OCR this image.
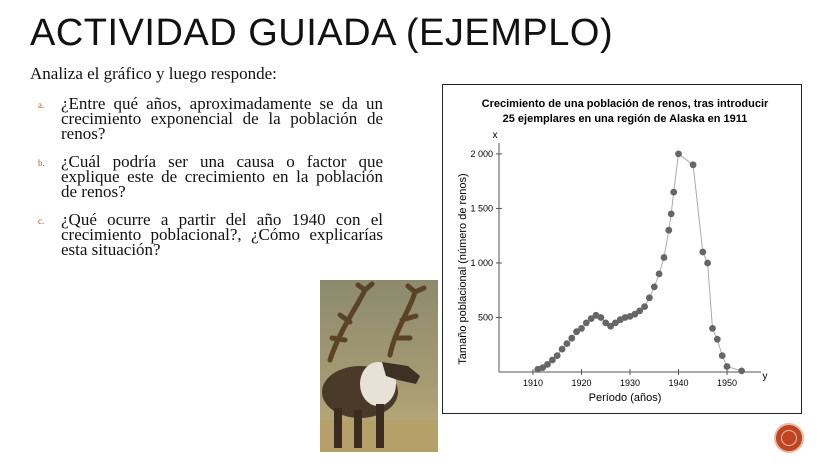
ACTIVIDAD GUIADA (EJEMPLO)
Analiza el gráfico y luego responde:
a. ¿Entre qué años, aproximadamente se da un crecimiento exponencial de la población de renos?
b. ¿Cuál podría ser una causa o factor que explique este de crecimiento en la población de renos?
c. ¿Qué ocurre a partir del año 1940 con el crecimiento poblacional?, ¿Cómo explicarías esta situación?
Crecimiento de una población de renos, tras introducir
25 ejemplares en una región de Alaska en 1911
x
y
Tamaño poblacional (número de renos)
Período (años)
500
1 000
1 500
2 000
1910	1920	1930	1940	1950
